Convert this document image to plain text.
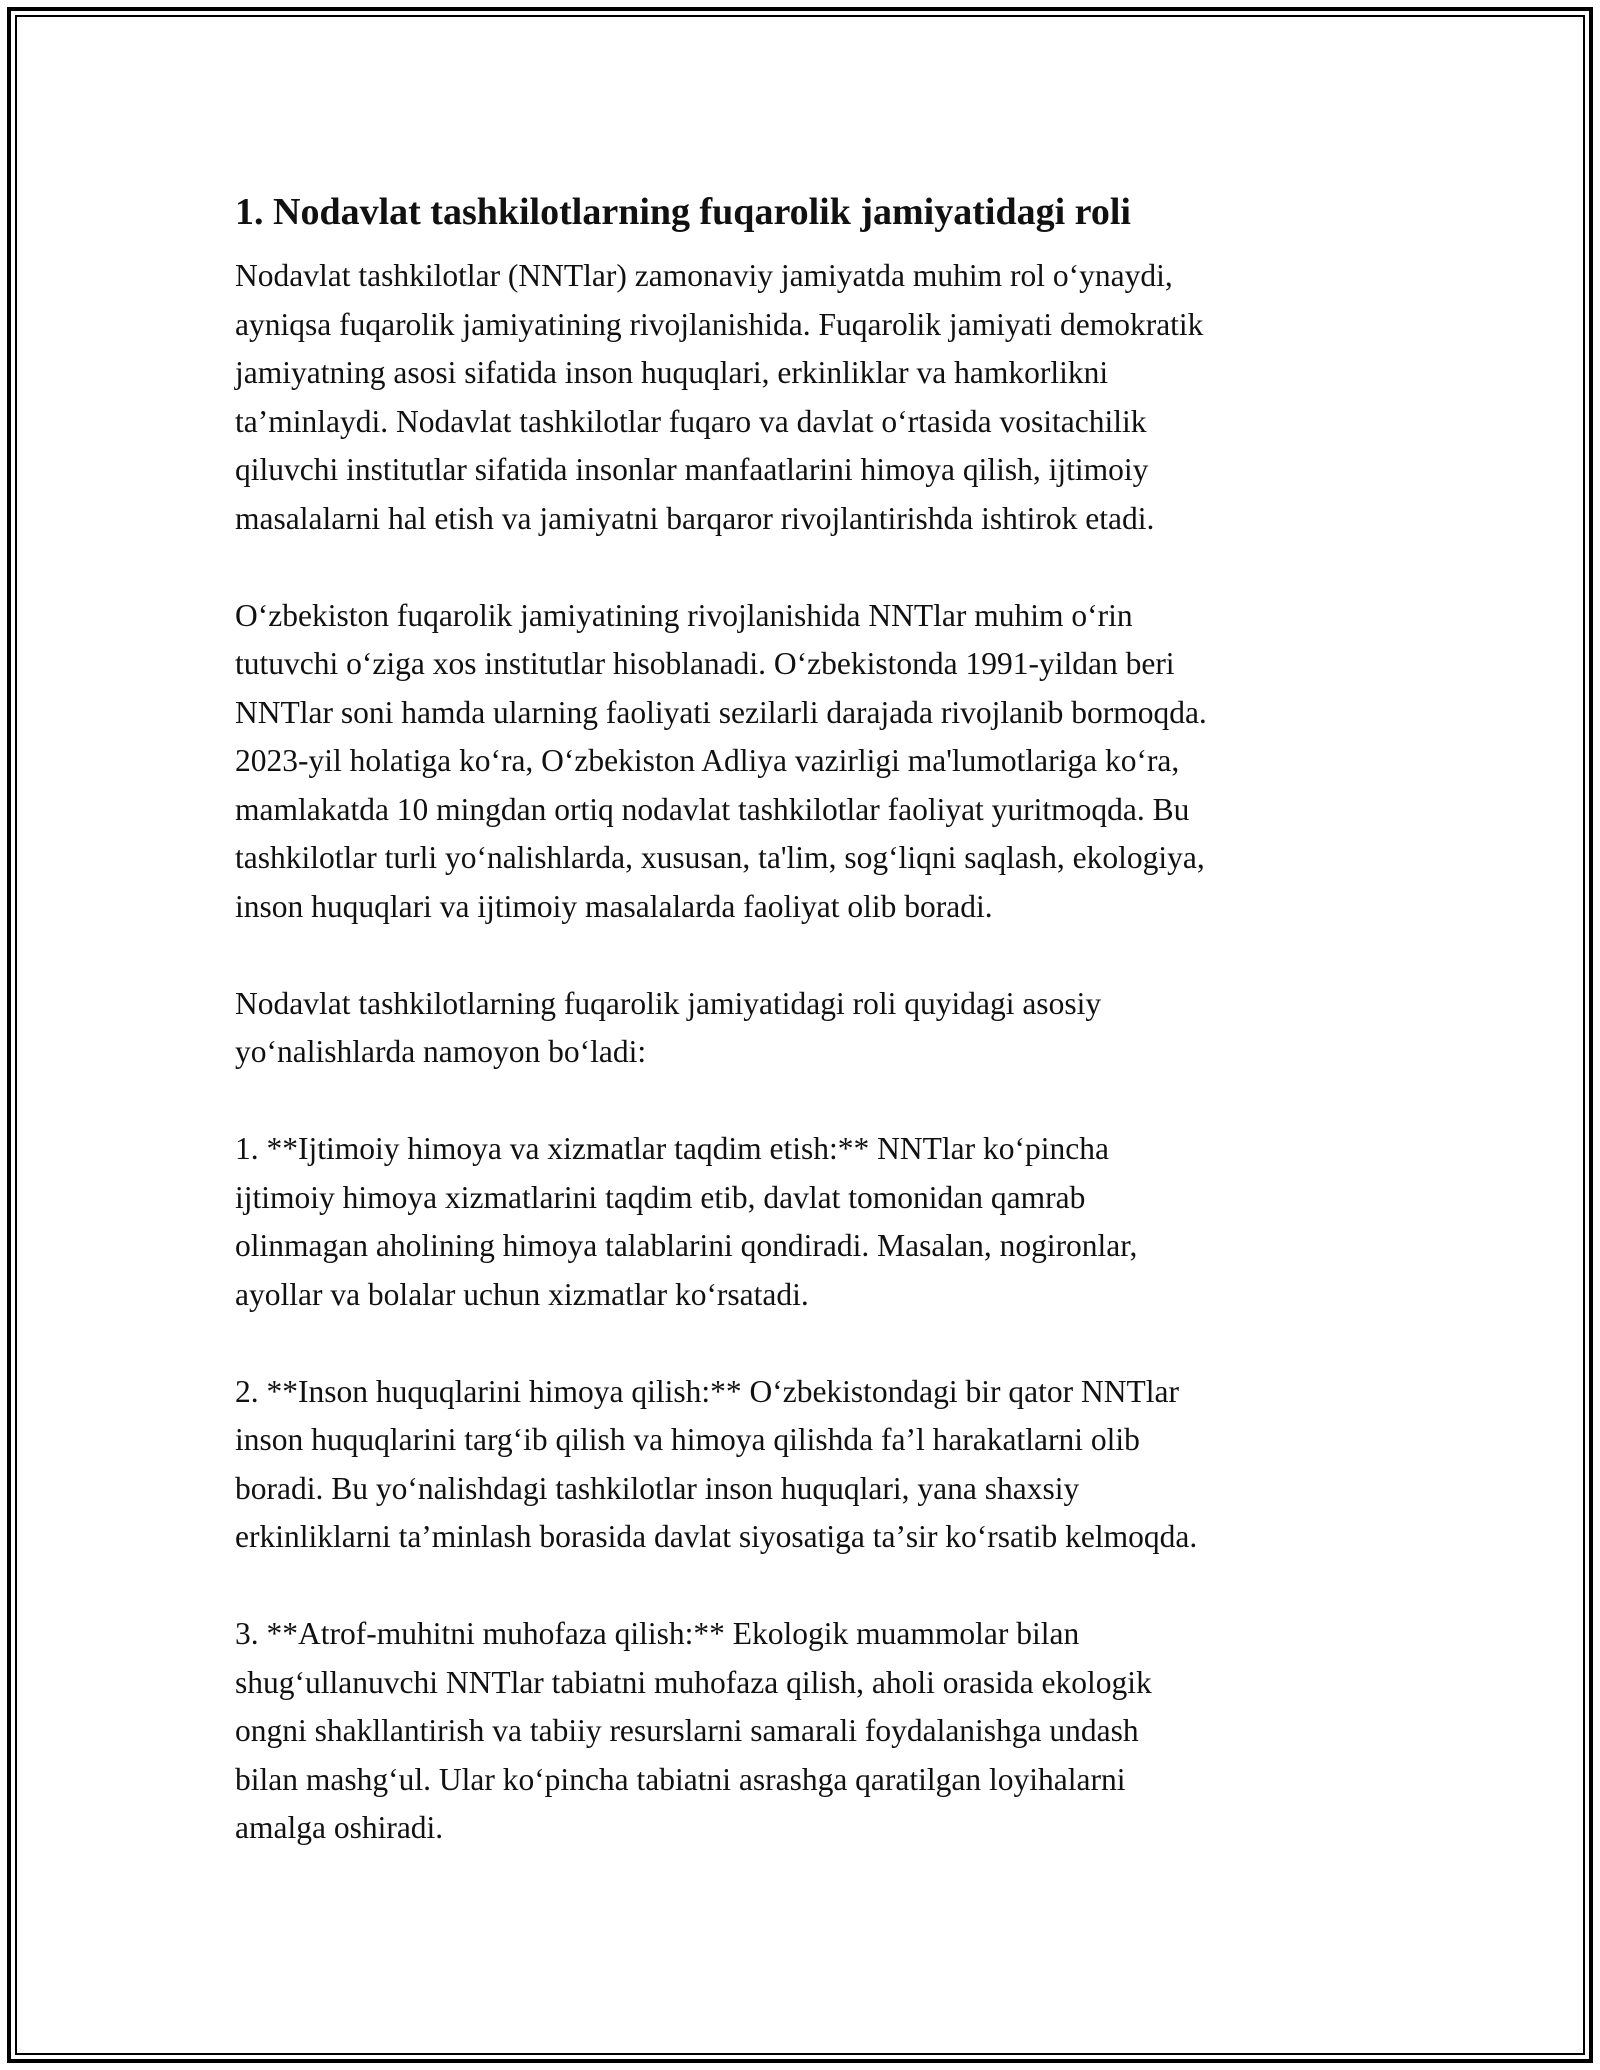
1. Nodavlat tashkilotlarning fuqarolik jamiyatidagi roli
Nodavlat tashkilotlar (NNTlar) zamonaviy jamiyatda muhim rol oʻynaydi,
ayniqsa fuqarolik jamiyatining rivojlanishida. Fuqarolik jamiyati demokratik
jamiyatning asosi sifatida inson huquqlari, erkinliklar va hamkorlikni
taʼminlaydi. Nodavlat tashkilotlar fuqaro va davlat oʻrtasida vositachilik
qiluvchi institutlar sifatida insonlar manfaatlarini himoya qilish, ijtimoiy
masalalarni hal etish va jamiyatni barqaror rivojlantirishda ishtirok etadi.
Oʻzbekiston fuqarolik jamiyatining rivojlanishida NNTlar muhim oʻrin
tutuvchi oʻziga xos institutlar hisoblanadi. Oʻzbekistonda 1991-yildan beri
NNTlar soni hamda ularning faoliyati sezilarli darajada rivojlanib bormoqda.
2023-yil holatiga koʻra, Oʻzbekiston Adliya vazirligi ma'lumotlariga koʻra,
mamlakatda 10 mingdan ortiq nodavlat tashkilotlar faoliyat yuritmoqda. Bu
tashkilotlar turli yoʻnalishlarda, xususan, ta'lim, sogʻliqni saqlash, ekologiya,
inson huquqlari va ijtimoiy masalalarda faoliyat olib boradi.
Nodavlat tashkilotlarning fuqarolik jamiyatidagi roli quyidagi asosiy
yoʻnalishlarda namoyon boʻladi:
1. **Ijtimoiy himoya va xizmatlar taqdim etish:** NNTlar koʻpincha
ijtimoiy himoya xizmatlarini taqdim etib, davlat tomonidan qamrab
olinmagan aholining himoya talablarini qondiradi. Masalan, nogironlar,
ayollar va bolalar uchun xizmatlar koʻrsatadi.
2. **Inson huquqlarini himoya qilish:** Oʻzbekistondagi bir qator NNTlar
inson huquqlarini targʻib qilish va himoya qilishda faʼl harakatlarni olib
boradi. Bu yoʻnalishdagi tashkilotlar inson huquqlari, yana shaxsiy
erkinliklarni taʼminlash borasida davlat siyosatiga taʼsir koʻrsatib kelmoqda.
3. **Atrof-muhitni muhofaza qilish:** Ekologik muammolar bilan
shugʻullanuvchi NNTlar tabiatni muhofaza qilish, aholi orasida ekologik
ongni shakllantirish va tabiiy resurslarni samarali foydalanishga undash
bilan mashgʻul. Ular koʻpincha tabiatni asrashga qaratilgan loyihalarni
amalga oshiradi.
